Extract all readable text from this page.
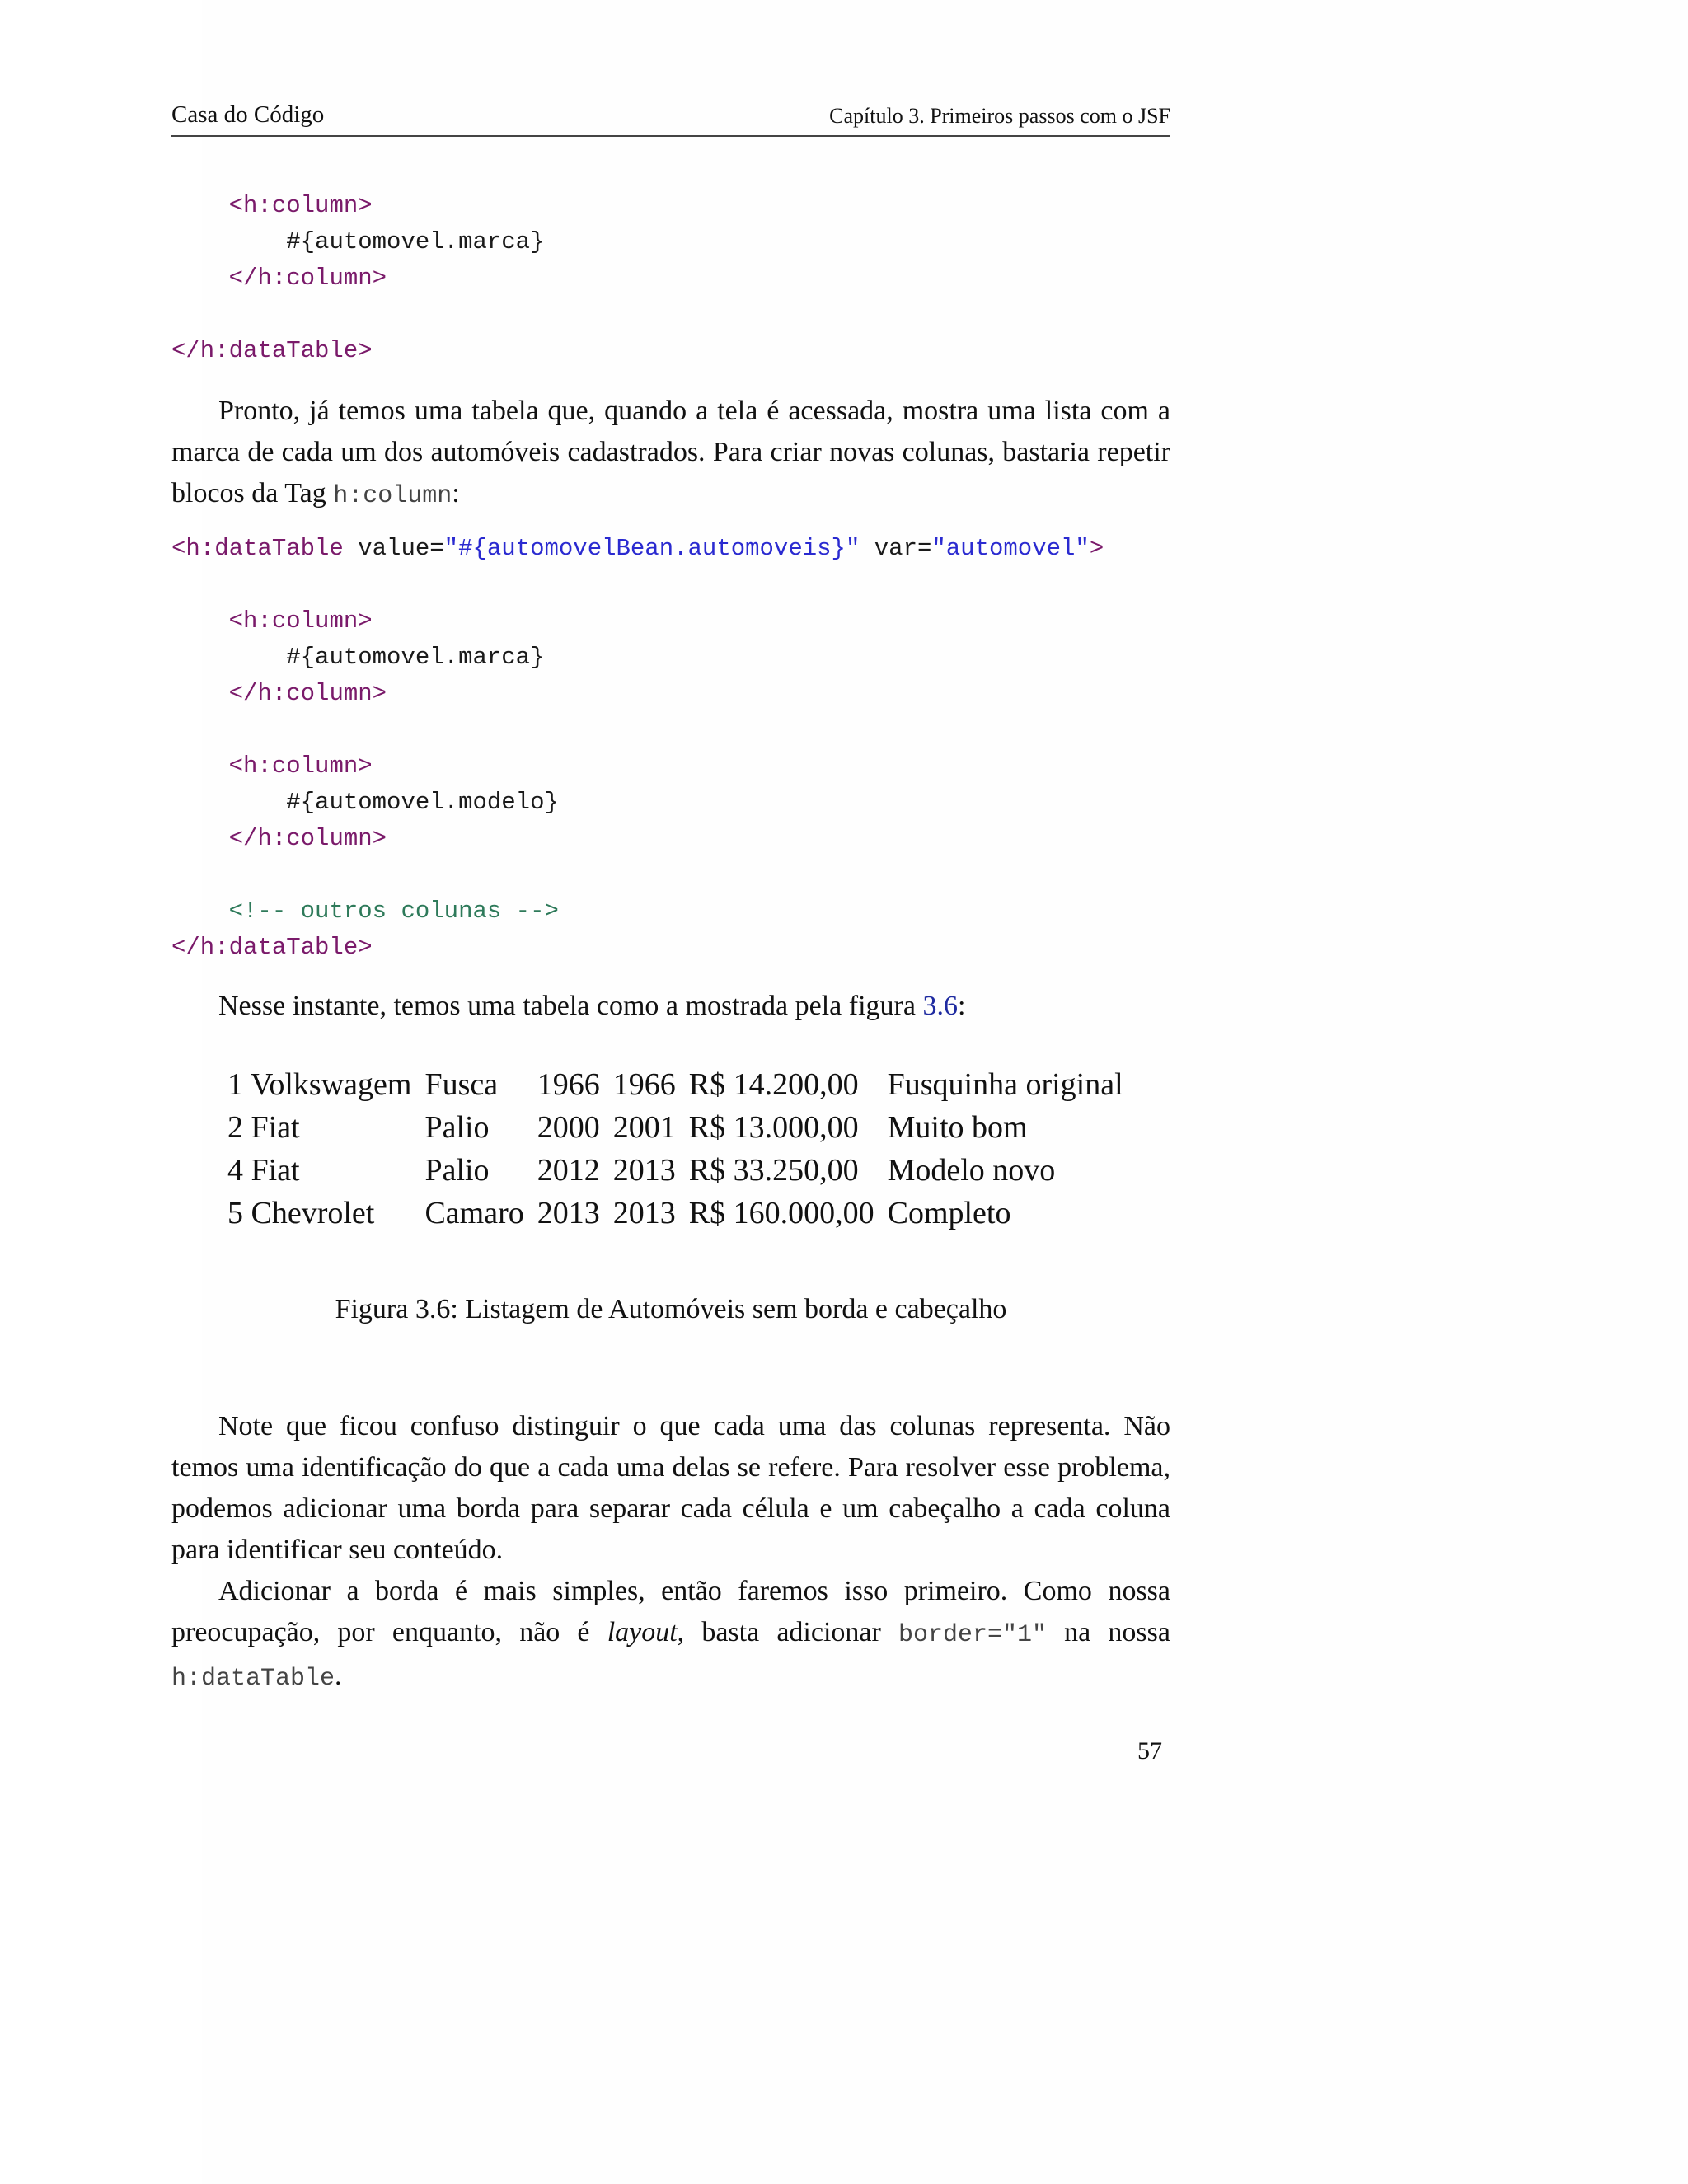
Casa do Código	Capítulo 3. Primeiros passos com o JSF
<h:column>
#{automovel.marca}
</h:column>

</h:dataTable>

Pronto, já temos uma tabela que, quando a tela é acessada, mostra uma lista com a marca de cada um dos automóveis cadastrados. Para criar novas colunas, bastaria repetir blocos da Tag h:column:

<h:dataTable value="#{automovelBean.automoveis}" var="automovel">

<h:column>
#{automovel.marca}
</h:column>

<h:column>
#{automovel.modelo}
</h:column>

<!-- outros colunas -->
</h:dataTable>

Nesse instante, temos uma tabela como a mostrada pela figura 3.6:

1 Volkswagem	Fusca	1966	1966	R$ 14.200,00	Fusquinha original
2 Fiat	Palio	2000	2001	R$ 13.000,00	Muito bom
4 Fiat	Palio	2012	2013	R$ 33.250,00	Modelo novo
5 Chevrolet	Camaro	2013	2013	R$ 160.000,00	Completo
Figura 3.6: Listagem de Automóveis sem borda e cabeçalho

Note que ficou confuso distinguir o que cada uma das colunas representa. Não temos uma identificação do que a cada uma delas se refere. Para resolver esse problema, podemos adicionar uma borda para separar cada célula e um cabeçalho a cada coluna para identificar seu conteúdo.

Adicionar a borda é mais simples, então faremos isso primeiro. Como nossa preocupação, por enquanto, não é layout, basta adicionar border="1" na nossa h:dataTable.

57
